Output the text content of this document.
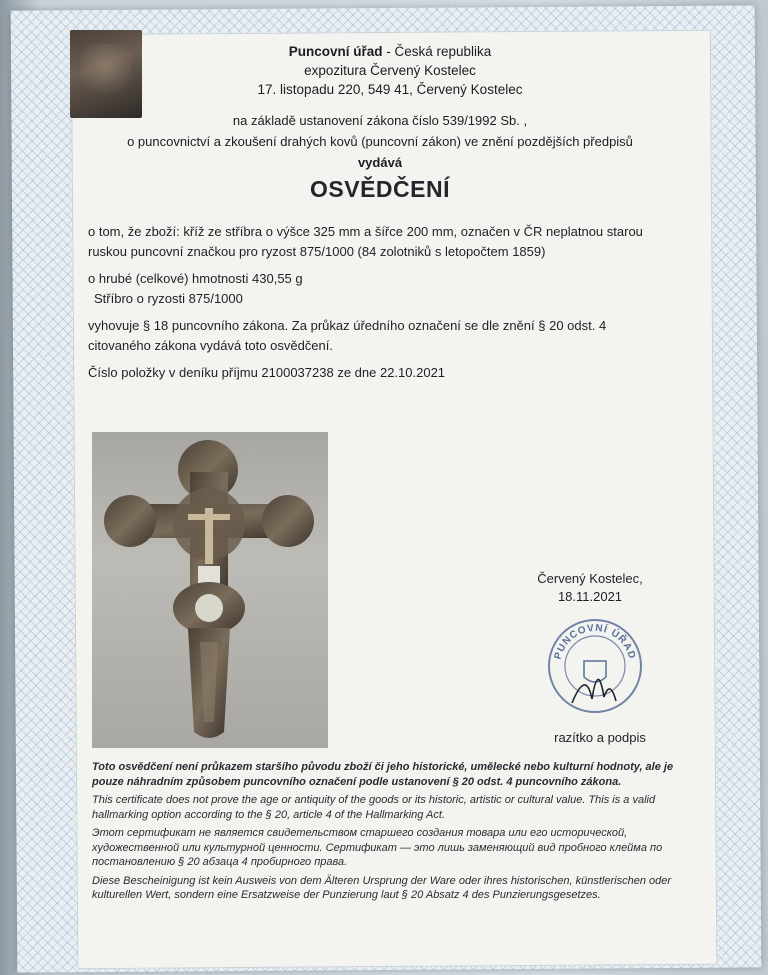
Puncovní úřad - Česká republika
expozitura Červený Kostelec
17. listopadu 220, 549 41, Červený Kostelec
na základě ustanovení zákona číslo 539/1992 Sb. ,
o puncovnictví a zkoušení drahých kovů (puncovní zákon) ve znění pozdějších předpisů
vydává
OSVĚDČENÍ

o tom, že zboží: kříž ze stříbra o výšce 325 mm a šířce 200 mm, označen v ČR neplatnou starou
ruskou puncovní značkou pro ryzost 875/1000 (84 zolotniků s letopočtem 1859)

o hrubé (celkové) hmotnosti 430,55 g
Stříbro o ryzosti 875/1000

vyhovuje § 18 puncovního zákona. Za průkaz úředního označení se dle znění § 20 odst. 4
citovaného zákona vydává toto osvědčení.

Číslo položky v deníku příjmu 2100037238 ze dne 22.10.2021

Červený Kostelec,
18.11.2021
PUNCOVNÍ ÚŘAD
razítko a podpis

Toto osvědčení není průkazem staršího původu zboží či jeho historické, umělecké nebo kulturní hodnoty, ale je pouze náhradním způsobem puncovního označení podle ustanovení § 20 odst. 4 puncovního zákona.

This certificate does not prove the age or antiquity of the goods or its historic, artistic or cultural value. This is a valid hallmarking option according to the § 20, article 4 of the Hallmarking Act.

Этот сертификат не является свидетельством старшего создания товара или его исторической, художественной или культурной ценности. Сертификат — это лишь заменяющий вид пробного клейма по постановлению § 20 абзаца 4 пробирного права.

Diese Bescheinigung ist kein Ausweis von dem Älteren Ursprung der Ware oder ihres historischen, künstlerischen oder kulturellen Wert, sondern eine Ersatzweise der Punzierung laut § 20 Absatz 4 des Punzierungsgesetzes.
